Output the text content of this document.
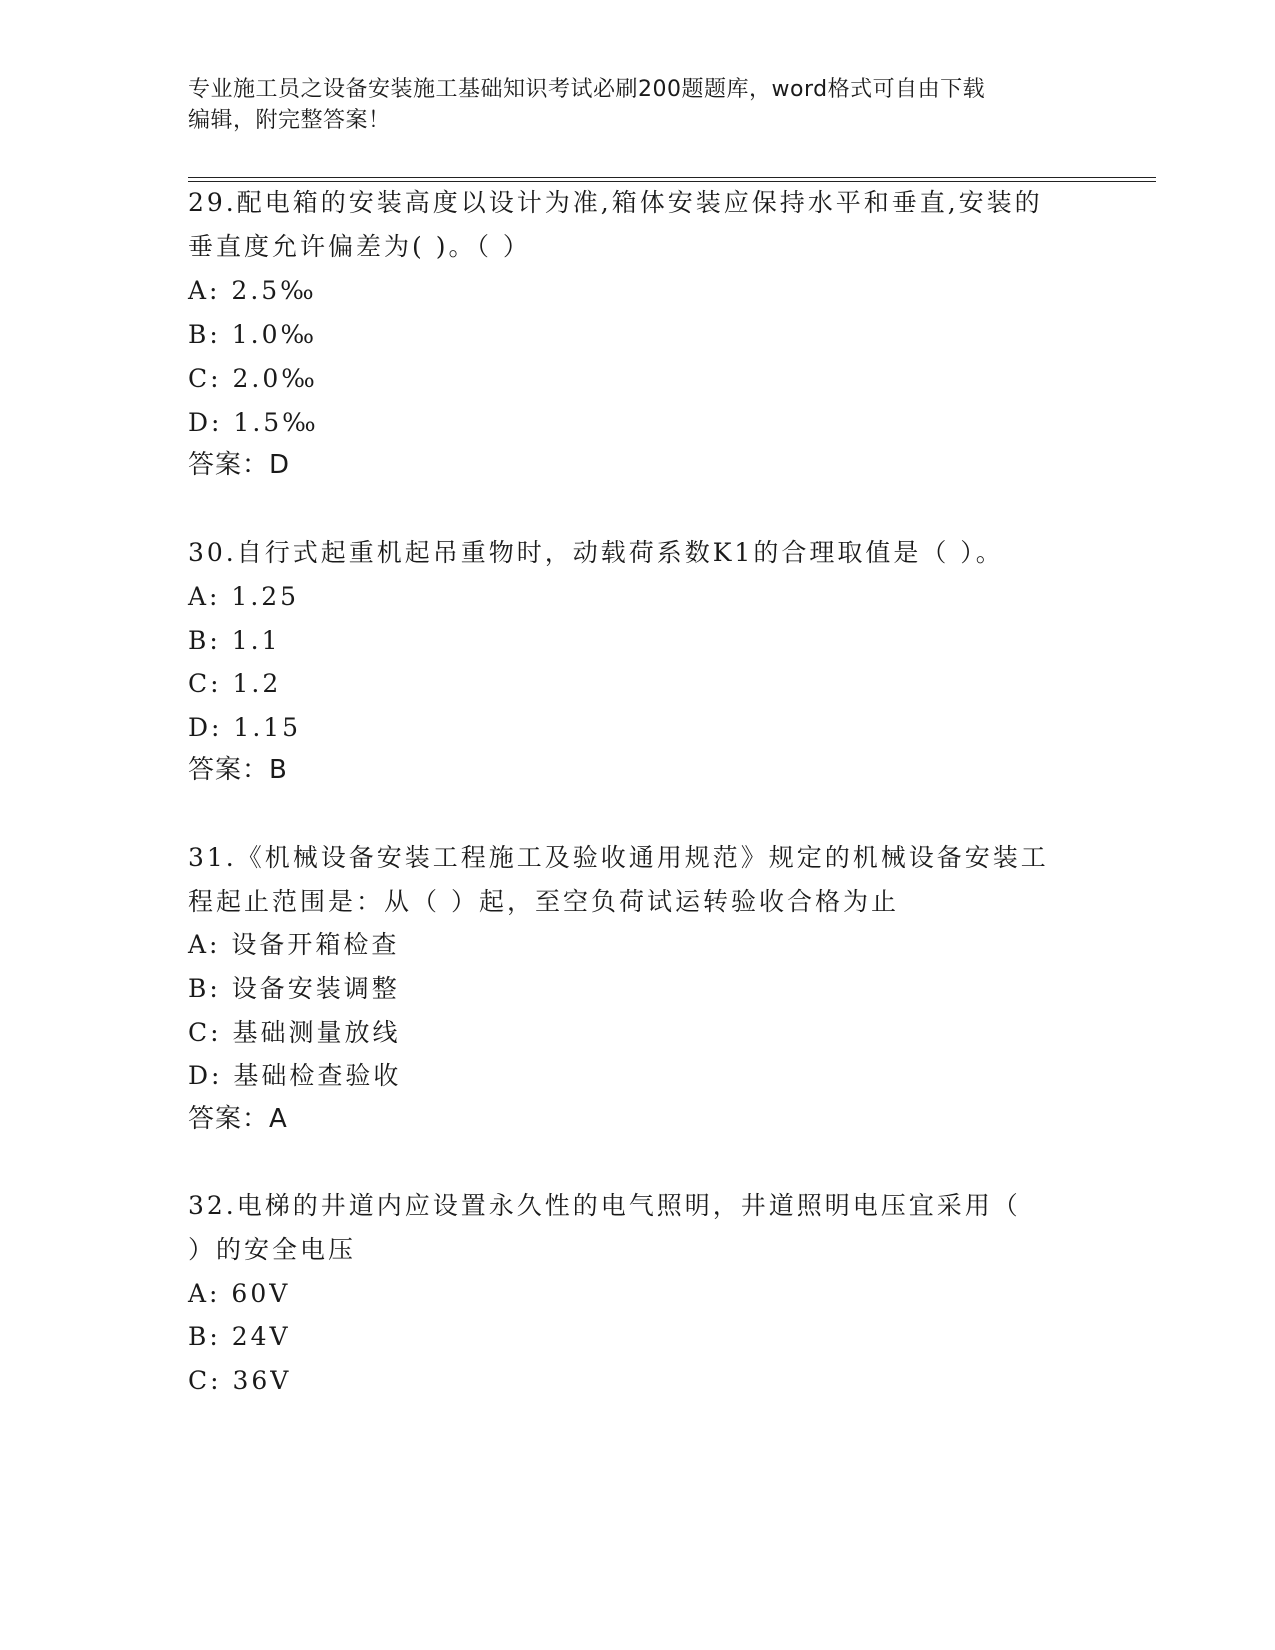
专业施工员之设备安装施工基础知识考试必刷200题题库，word格式可自由下载
编辑，附完整答案！
29.配电箱的安装高度以设计为准,箱体安装应保持水平和垂直,安装的
垂直度允许偏差为( )。（ ）
A: 2.5‰
B: 1.0‰
C: 2.0‰
D: 1.5‰
答案：D
30.自行式起重机起吊重物时，动载荷系数K1的合理取值是（ ）。
A: 1.25
B: 1.1
C: 1.2
D: 1.15
答案：B
31.《机械设备安装工程施工及验收通用规范》规定的机械设备安装工
程起止范围是：从（ ）起，至空负荷试运转验收合格为止
A: 设备开箱检查
B: 设备安装调整
C: 基础测量放线
D: 基础检查验收
答案：A
32.电梯的井道内应设置永久性的电气照明，井道照明电压宜采用（
）的安全电压
A: 60V
B: 24V
C: 36V
